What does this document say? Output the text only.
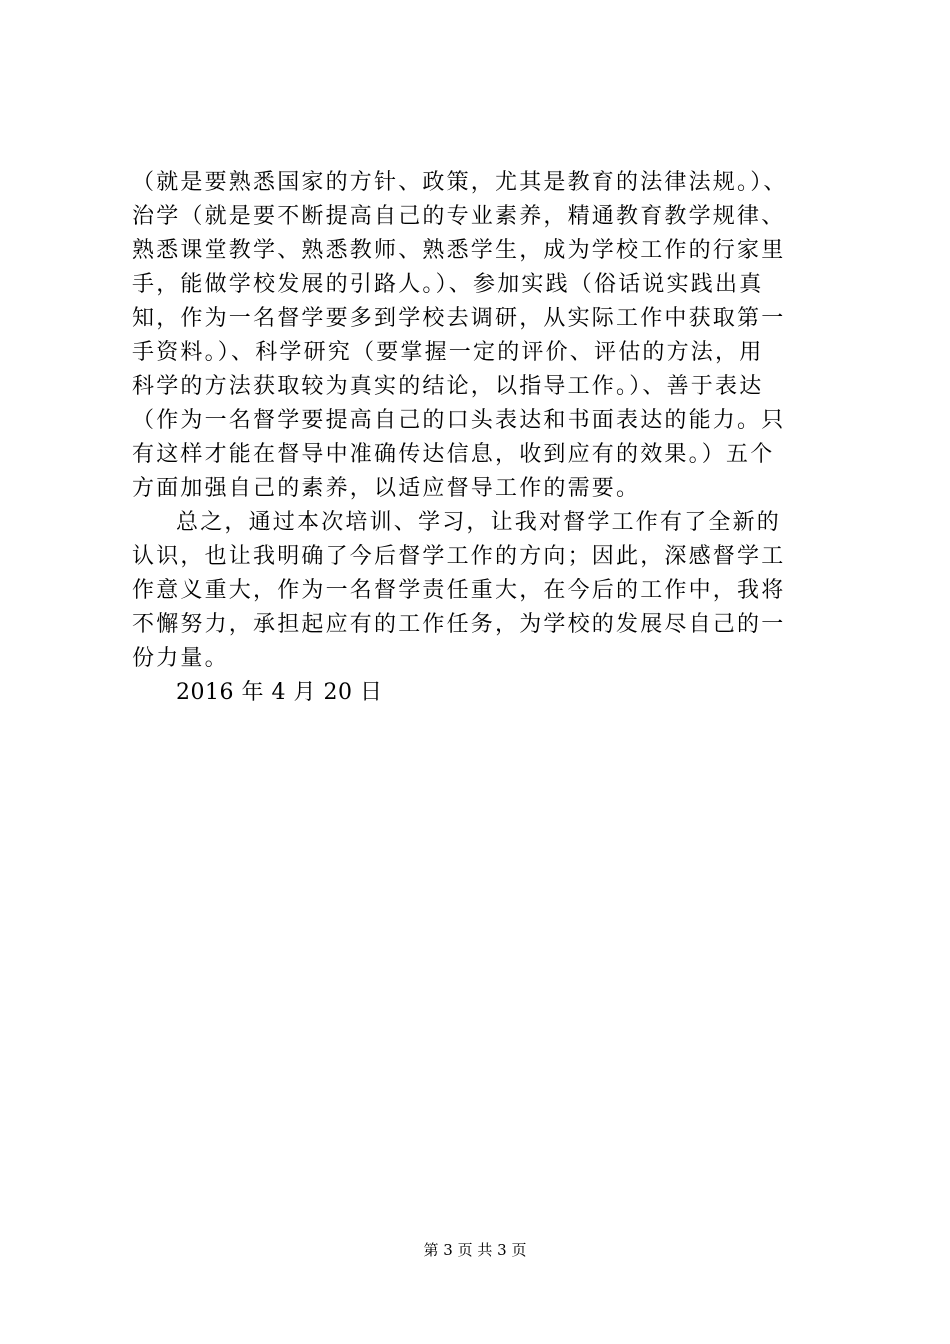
（就是要熟悉国家的方针、政策，尤其是教育的法律法规。）、
治学（就是要不断提高自己的专业素养，精通教育教学规律、
熟悉课堂教学、熟悉教师、熟悉学生，成为学校工作的行家里
手，能做学校发展的引路人。）、参加实践（俗话说实践出真
知，作为一名督学要多到学校去调研，从实际工作中获取第一
手资料。）、科学研究（要掌握一定的评价、评估的方法，用
科学的方法获取较为真实的结论，以指导工作。）、善于表达
（作为一名督学要提高自己的口头表达和书面表达的能力。只
有这样才能在督导中准确传达信息，收到应有的效果。）五个
方面加强自己的素养，以适应督导工作的需要。
总之，通过本次培训、学习，让我对督学工作有了全新的
认识，也让我明确了今后督学工作的方向；因此，深感督学工
作意义重大，作为一名督学责任重大，在今后的工作中，我将
不懈努力，承担起应有的工作任务，为学校的发展尽自己的一
份力量。
2016 年 4 月 20 日
第 3 页 共 3 页
